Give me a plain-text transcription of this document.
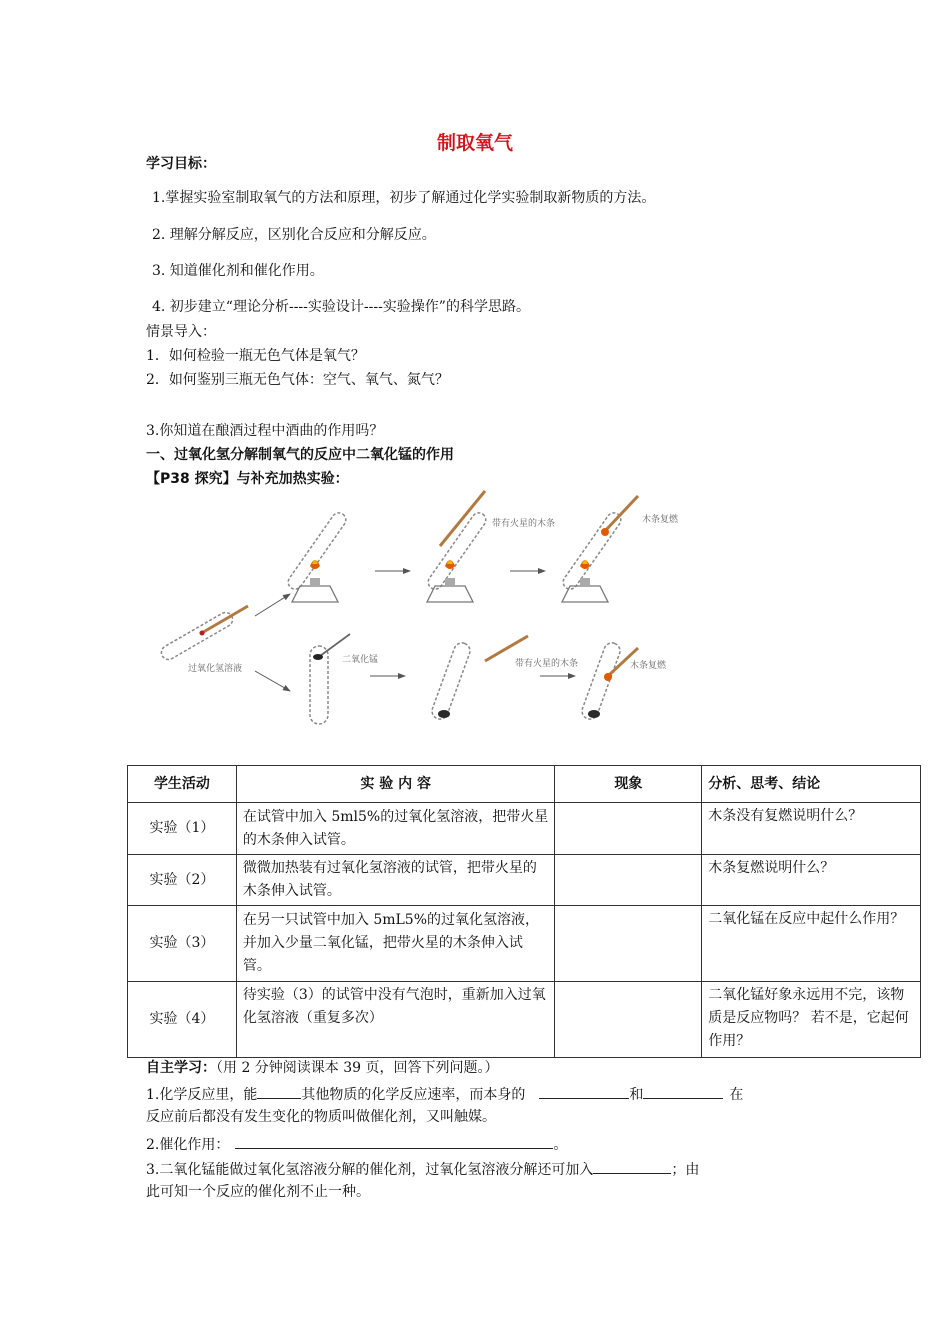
制取氧气
学习目标：
1.掌握实验室制取氧气的方法和原理，初步了解通过化学实验制取新物质的方法。
2. 理解分解反应，区别化合反应和分解反应。
3. 知道催化剂和催化作用。
4. 初步建立“理论分析----实验设计----实验操作”的科学思路。
情景导入：
1．如何检验一瓶无色气体是氧气？
2．如何鉴别三瓶无色气体：空气、氧气、氮气？
3.你知道在酿酒过程中酒曲的作用吗？
一、过氧化氢分解制氧气的反应中二氧化锰的作用
【P38 探究】与补充加热实验：
带有火星的木条	木条复燃
过氧化氢溶液
二氧化锰	带有火星的木条	木条复燃
学生活动	实 验 内 容	现象	分析、思考、结论
实验（1）	在试管中加入 5ml5%的过氧化氢溶液，把带火星的木条伸入试管。		木条没有复燃说明什么？
实验（2）	微微加热装有过氧化氢溶液的试管，把带火星的木条伸入试管。		木条复燃说明什么？
实验（3）	在另一只试管中加入 5mL5%的过氧化氢溶液，并加入少量二氧化锰，把带火星的木条伸入试管。		二氧化锰在反应中起什么作用？
实验（4）	待实验（3）的试管中没有气泡时，重新加入过氧化氢溶液（重复多次）		二氧化锰好象永远用不完，该物质是反应物吗？ 若不是，它起何作用？
自主学习：（用 2 分钟阅读课本 39 页，回答下列问题。）
1.化学反应里，能	其他物质的化学反应速率，而本身的	和	在
反应前后都没有发生变化的物质叫做催化剂，又叫触媒。
2.催化作用：	。
3.二氧化锰能做过氧化氢溶液分解的催化剂，过氧化氢溶液分解还可加入	；由
此可知一个反应的催化剂不止一种。
